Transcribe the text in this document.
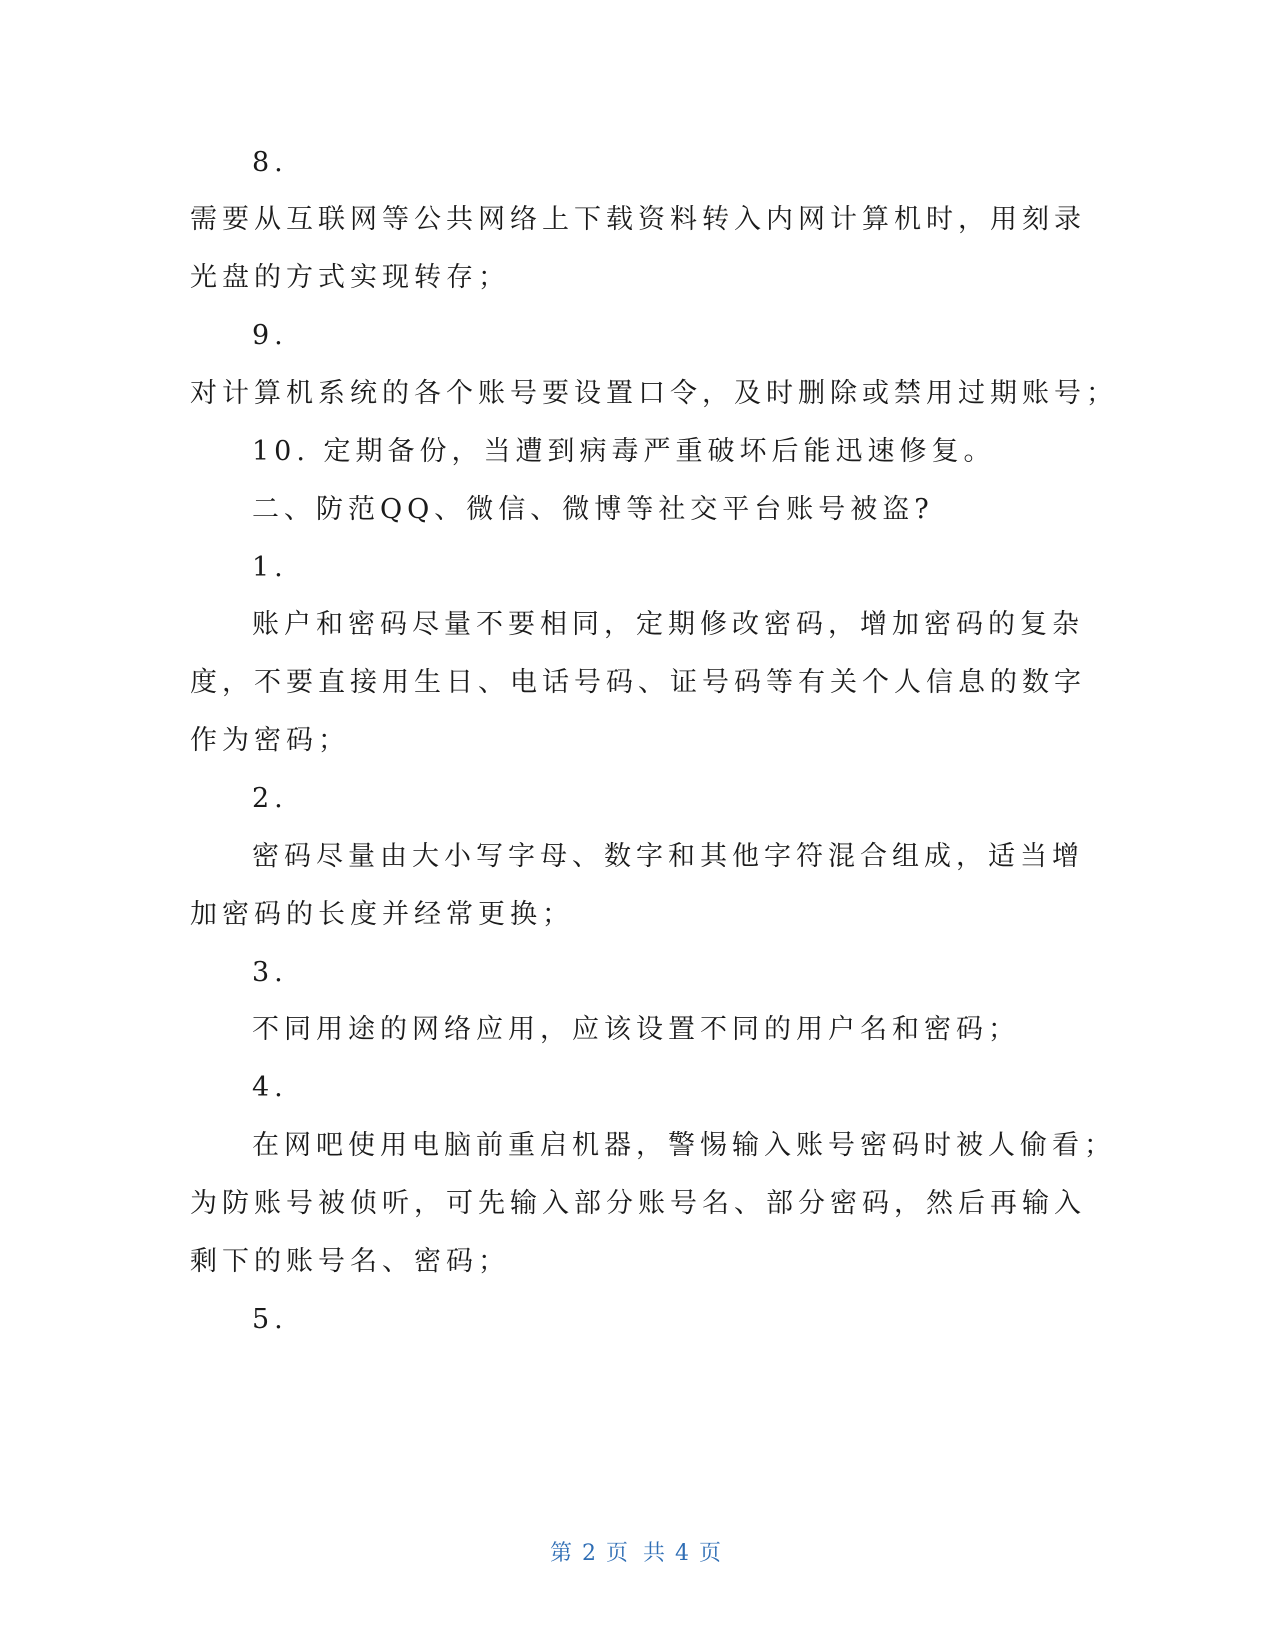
8.
需要从互联网等公共网络上下载资料转入内网计算机时，用刻录
光盘的方式实现转存；
9.
对计算机系统的各个账号要设置口令，及时删除或禁用过期账号；
10. 定期备份，当遭到病毒严重破坏后能迅速修复。
二、防范QQ、微信、微博等社交平台账号被盗?
1.
账户和密码尽量不要相同，定期修改密码，增加密码的复杂
度，不要直接用生日、电话号码、证号码等有关个人信息的数字
作为密码；
2.
密码尽量由大小写字母、数字和其他字符混合组成，适当增
加密码的长度并经常更换；
3.
不同用途的网络应用，应该设置不同的用户名和密码；
4.
在网吧使用电脑前重启机器，警惕输入账号密码时被人偷看；
为防账号被侦听，可先输入部分账号名、部分密码，然后再输入
剩下的账号名、密码；
5.
第 2 页 共 4 页
